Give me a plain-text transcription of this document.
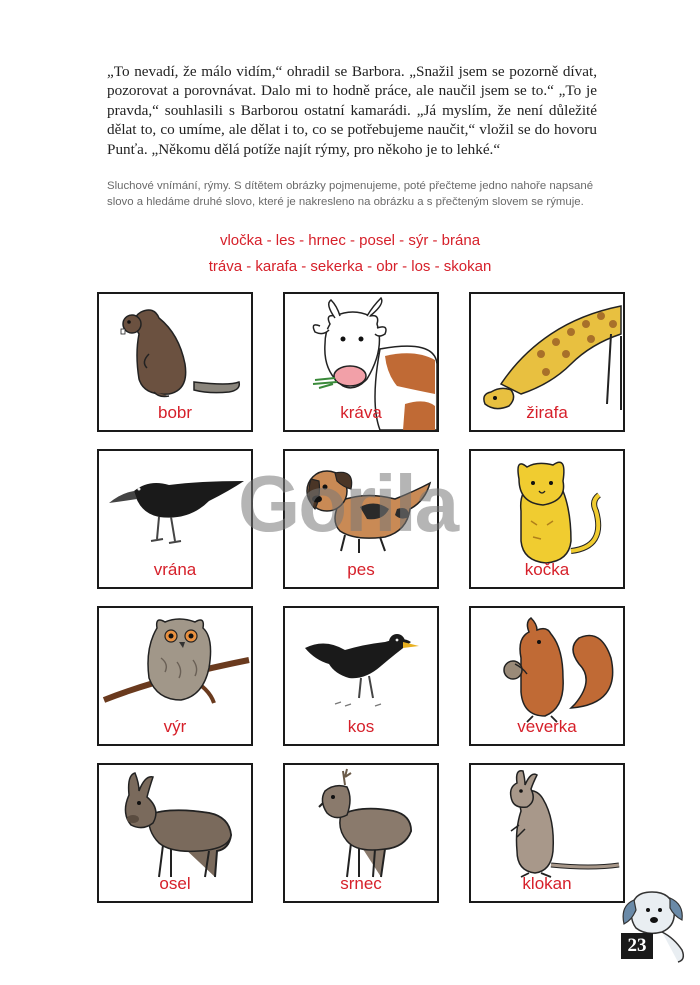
„To nevadí, že málo vidím,“ ohradil se Barbora. „Snažil jsem se pozorně dívat, pozorovat a porovnávat. Dalo mi to hodně práce, ale naučil jsem se to.“ „To je pravda,“ souhlasili s Barborou ostatní kamarádi. „Já myslím, že není důležité dělat to, co umíme, ale dělat i to, co se potřebujeme naučit,“ vložil se do hovoru Punťa. „Někomu dělá potíže najít rýmy, pro někoho je to lehké.“

Sluchové vnímání, rýmy. S dítětem obrázky pojmenujeme, poté přečteme jedno nahoře napsané slovo a hledáme druhé slovo, které je nakresleno na obrázku a s přečteným slovem se rýmuje.

vločka - les - hrnec - posel - sýr - brána

tráva - karafa - sekerka - obr - los - skokan

bobr	kráva	žirafa
vrána	pes	kočka
výr	kos	veverka
osel	srnec	klokan
Gorila
23
